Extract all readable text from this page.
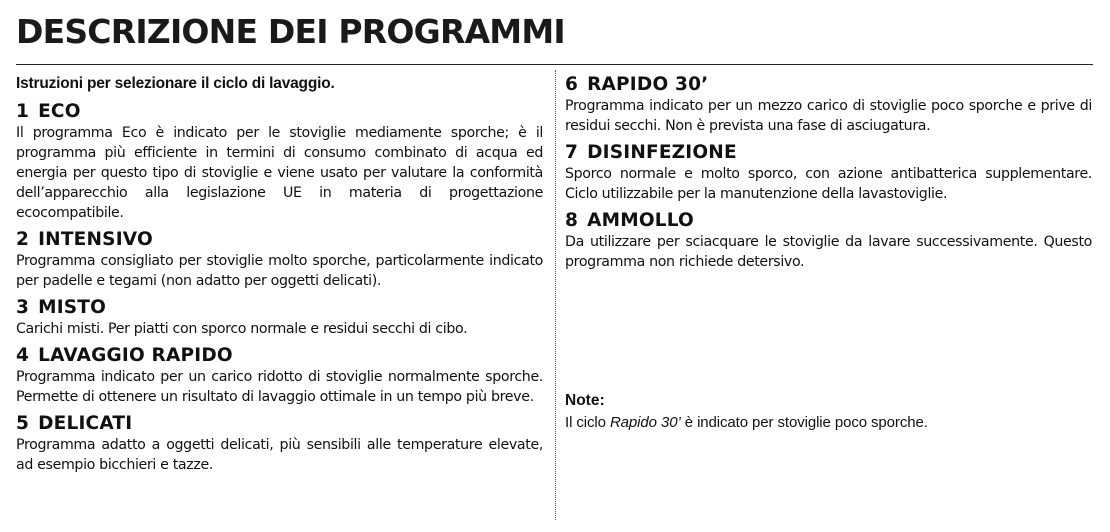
DESCRIZIONE DEI PROGRAMMI

Istruzioni per selezionare il ciclo di lavaggio.

1 ECO

Il programma Eco è indicato per le stoviglie mediamente sporche; è il programma più efficiente in termini di consumo combinato di acqua ed energia per questo tipo di stoviglie e viene usato per valutare la conformità dell’apparecchio alla legislazione UE in materia di progettazione ecocompatibile.

2 INTENSIVO

Programma consigliato per stoviglie molto sporche, particolarmente indicato per padelle e tegami (non adatto per oggetti delicati).

3 MISTO

Carichi misti. Per piatti con sporco normale e residui secchi di cibo.

4 LAVAGGIO RAPIDO

Programma indicato per un carico ridotto di stoviglie normalmente sporche. Permette di ottenere un risultato di lavaggio ottimale in un tempo più breve.

5 DELICATI

Programma adatto a oggetti delicati, più sensibili alle temperature elevate, ad esempio bicchieri e tazze.

6 RAPIDO 30’

Programma indicato per un mezzo carico di stoviglie poco sporche e prive di residui secchi. Non è prevista una fase di asciugatura.

7 DISINFEZIONE

Sporco normale e molto sporco, con azione antibatterica supplementare. Ciclo utilizzabile per la manutenzione della lavastoviglie.

8 AMMOLLO

Da utilizzare per sciacquare le stoviglie da lavare successivamente. Questo programma non richiede detersivo.

Note:

Il ciclo Rapido 30’ è indicato per stoviglie poco sporche.
